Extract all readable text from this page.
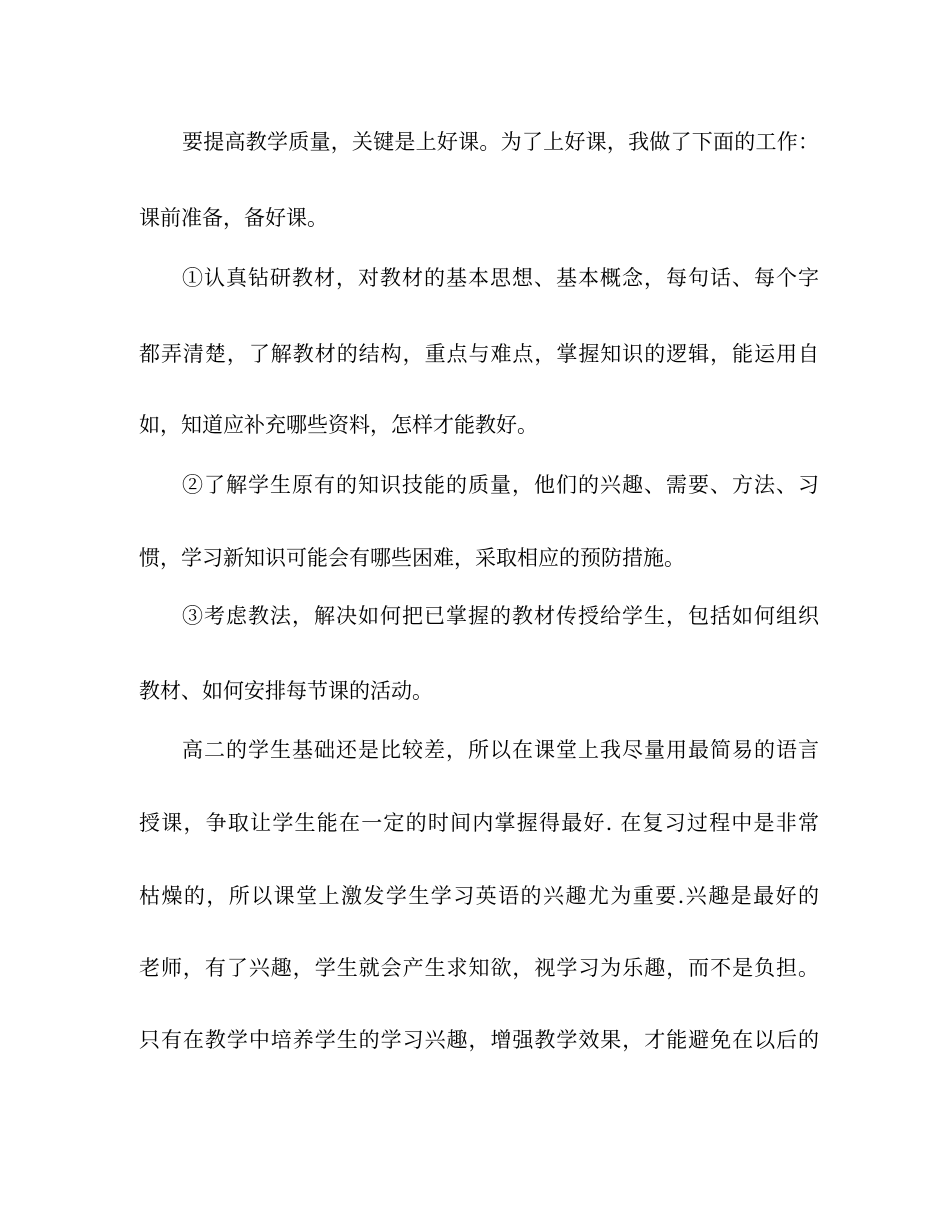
要提高教学质量，关键是上好课。为了上好课，我做了下面的工作：
课前准备，备好课。
①认真钻研教材，对教材的基本思想、基本概念，每句话、每个字
都弄清楚，了解教材的结构，重点与难点，掌握知识的逻辑，能运用自
如，知道应补充哪些资料，怎样才能教好。
②了解学生原有的知识技能的质量，他们的兴趣、需要、方法、习
惯，学习新知识可能会有哪些困难，采取相应的预防措施。
③考虑教法，解决如何把已掌握的教材传授给学生，包括如何组织
教材、如何安排每节课的活动。
高二的学生基础还是比较差，所以在课堂上我尽量用最简易的语言
授课，争取让学生能在一定的时间内掌握得最好. 在复习过程中是非常
枯燥的，所以课堂上激发学生学习英语的兴趣尤为重要.兴趣是最好的
老师，有了兴趣，学生就会产生求知欲，视学习为乐趣，而不是负担。
只有在教学中培养学生的学习兴趣，增强教学效果，才能避免在以后的
